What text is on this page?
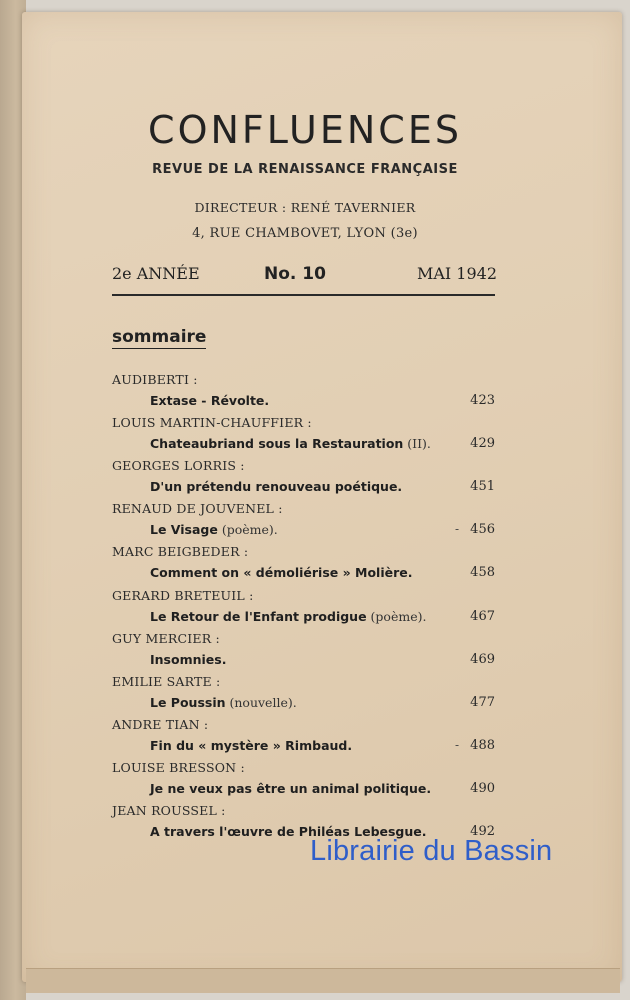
CONFLUENCES
REVUE DE LA RENAISSANCE FRANÇAISE
DIRECTEUR : RENÉ TAVERNIER
4, RUE CHAMBOVET, LYON (3e)
2e ANNÉE	No. 10	MAI 1942
sommaire
AUDIBERTI :
Extase - Révolte.	423
LOUIS MARTIN-CHAUFFIER :
Chateaubriand sous la Restauration (II).	429
GEORGES LORRIS :
D'un prétendu renouveau poétique.	451
RENAUD DE JOUVENEL :
Le Visage (poème).	- 456
MARC BEIGBEDER :
Comment on « démoliérise » Molière.	458
GERARD BRETEUIL :
Le Retour de l'Enfant prodigue (poème).	467
GUY MERCIER :
Insomnies.	469
EMILIE SARTE :
Le Poussin (nouvelle).	477
ANDRE TIAN :
Fin du « mystère » Rimbaud.	- 488
LOUISE BRESSON :
Je ne veux pas être un animal politique.	490
JEAN ROUSSEL :
A travers l'œuvre de Philéas Lebesgue.	492
Librairie du Bassin
